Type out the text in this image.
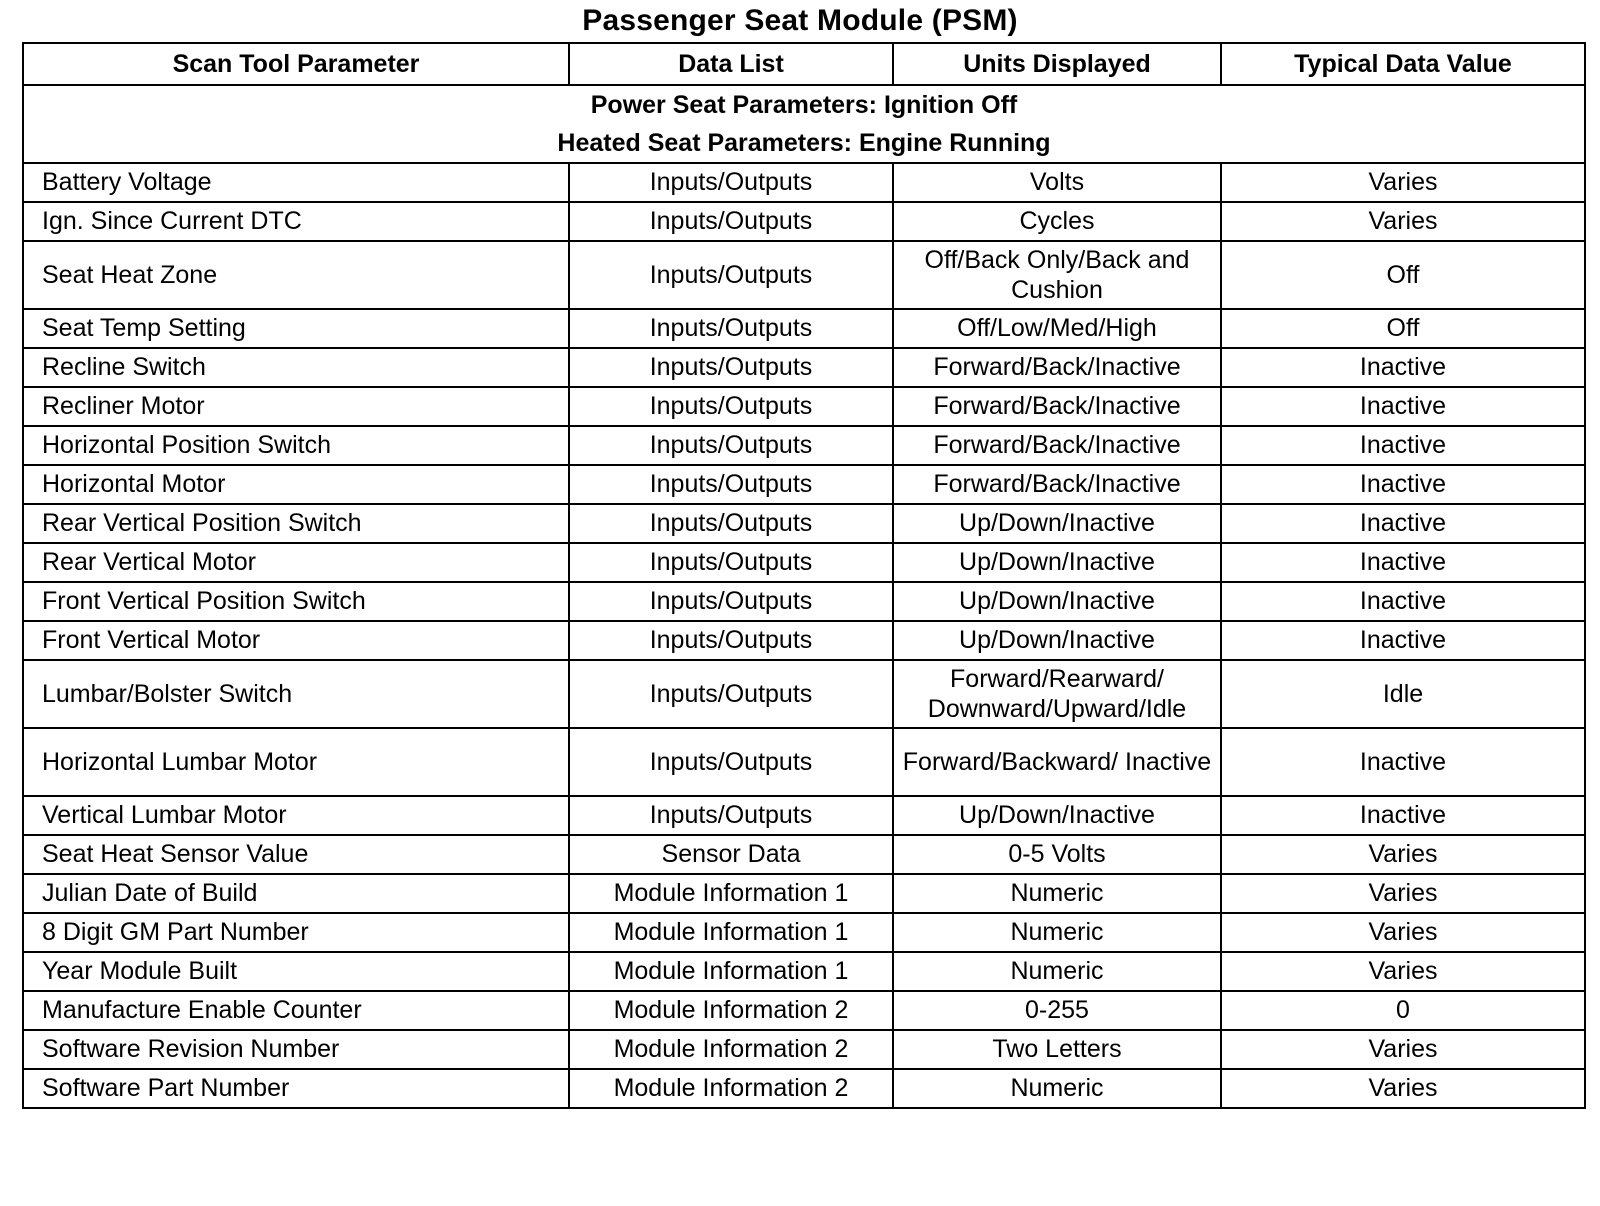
Passenger Seat Module (PSM)
Scan Tool Parameter	Data List	Units Displayed	Typical Data Value

Power Seat Parameters: Ignition Off
Heated Seat Parameters: Engine Running			

Battery Voltage	Inputs/Outputs	Volts	Varies
Ign. Since Current DTC	Inputs/Outputs	Cycles	Varies
Seat Heat Zone	Inputs/Outputs	Off/Back Only/Back and Cushion	Off
Seat Temp Setting	Inputs/Outputs	Off/Low/Med/High	Off
Recline Switch	Inputs/Outputs	Forward/Back/Inactive	Inactive
Recliner Motor	Inputs/Outputs	Forward/Back/Inactive	Inactive
Horizontal Position Switch	Inputs/Outputs	Forward/Back/Inactive	Inactive
Horizontal Motor	Inputs/Outputs	Forward/Back/Inactive	Inactive
Rear Vertical Position Switch	Inputs/Outputs	Up/Down/Inactive	Inactive
Rear Vertical Motor	Inputs/Outputs	Up/Down/Inactive	Inactive
Front Vertical Position Switch	Inputs/Outputs	Up/Down/Inactive	Inactive
Front Vertical Motor	Inputs/Outputs	Up/Down/Inactive	Inactive
Lumbar/Bolster Switch	Inputs/Outputs	Forward/Rearward/ Downward/Upward/Idle	Idle
Horizontal Lumbar Motor	Inputs/Outputs	Forward/Backward/ Inactive	Inactive
Vertical Lumbar Motor	Inputs/Outputs	Up/Down/Inactive	Inactive
Seat Heat Sensor Value	Sensor Data	0-5 Volts	Varies
Julian Date of Build	Module Information 1	Numeric	Varies
8 Digit GM Part Number	Module Information 1	Numeric	Varies
Year Module Built	Module Information 1	Numeric	Varies
Manufacture Enable Counter	Module Information 2	0-255	0
Software Revision Number	Module Information 2	Two Letters	Varies
Software Part Number	Module Information 2	Numeric	Varies
